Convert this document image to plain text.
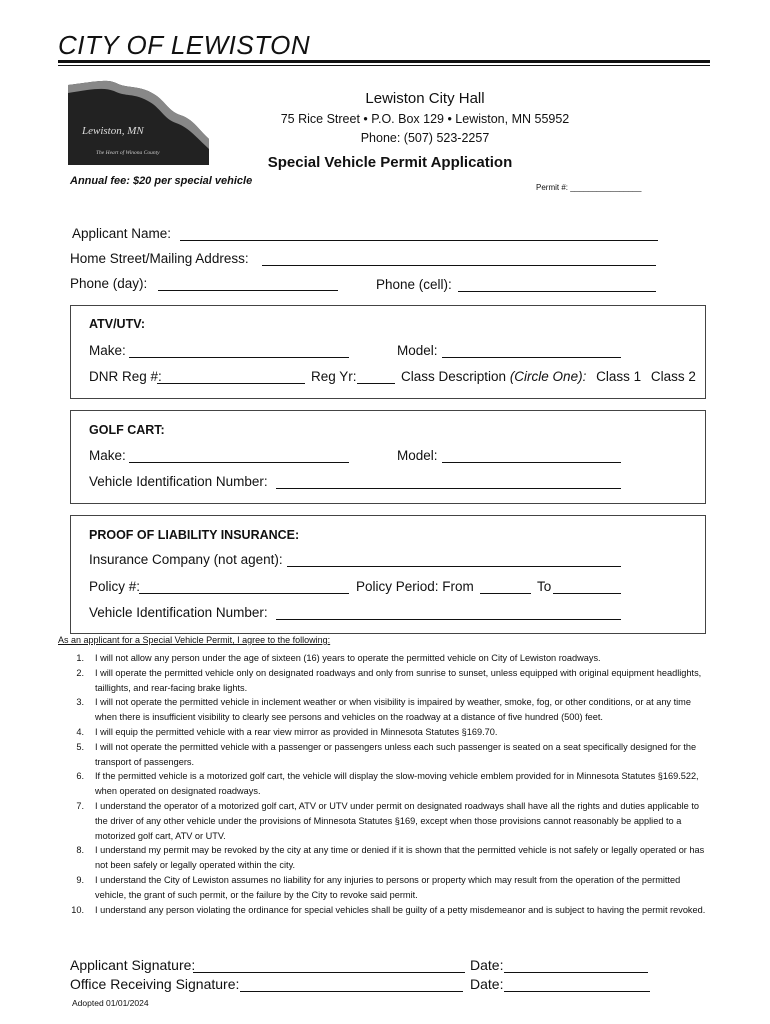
CITY OF LEWISTON
Lewiston, MN
The Heart of Winona County
Lewiston City Hall
75 Rice Street • P.O. Box 129 • Lewiston, MN 55952
Phone: (507) 523-2257
Special Vehicle Permit Application
Annual fee: $20 per special vehicle
Permit #: ________________
Applicant Name:
Home Street/Mailing Address:
Phone (day):	Phone (cell):
ATV/UTV:
Make:	Model:
DNR Reg #:	Reg Yr:	Class Description (Circle One): Class 1 Class 2
GOLF CART:
Make:	Model:
Vehicle Identification Number:
PROOF OF LIABILITY INSURANCE:
Insurance Company (not agent):
Policy #:	Policy Period: From	To
Vehicle Identification Number:
As an applicant for a Special Vehicle Permit, I agree to the following:
1. I will not allow any person under the age of sixteen (16) years to operate the permitted vehicle on City of Lewiston roadways.
2. I will operate the permitted vehicle only on designated roadways and only from sunrise to sunset, unless equipped with original equipment headlights, taillights, and rear-facing brake lights.
3. I will not operate the permitted vehicle in inclement weather or when visibility is impaired by weather, smoke, fog, or other conditions, or at any time when there is insufficient visibility to clearly see persons and vehicles on the roadway at a distance of five hundred (500) feet.
4. I will equip the permitted vehicle with a rear view mirror as provided in Minnesota Statutes §169.70.
5. I will not operate the permitted vehicle with a passenger or passengers unless each such passenger is seated on a seat specifically designed for the transport of passengers.
6. If the permitted vehicle is a motorized golf cart, the vehicle will display the slow-moving vehicle emblem provided for in Minnesota Statutes §169.522, when operated on designated roadways.
7. I understand the operator of a motorized golf cart, ATV or UTV under permit on designated roadways shall have all the rights and duties applicable to the driver of any other vehicle under the provisions of Minnesota Statutes §169, except when those provisions cannot reasonably be applied to a motorized golf cart, ATV or UTV.
8. I understand my permit may be revoked by the city at any time or denied if it is shown that the permitted vehicle is not safely or legally operated or has not been safely or legally operated within the city.
9. I understand the City of Lewiston assumes no liability for any injuries to persons or property which may result from the operation of the permitted vehicle, the grant of such permit, or the failure by the City to revoke said permit.
10. I understand any person violating the ordinance for special vehicles shall be guilty of a petty misdemeanor and is subject to having the permit revoked.
Applicant Signature:	Date:
Office Receiving Signature:	Date:
Adopted 01/01/2024
